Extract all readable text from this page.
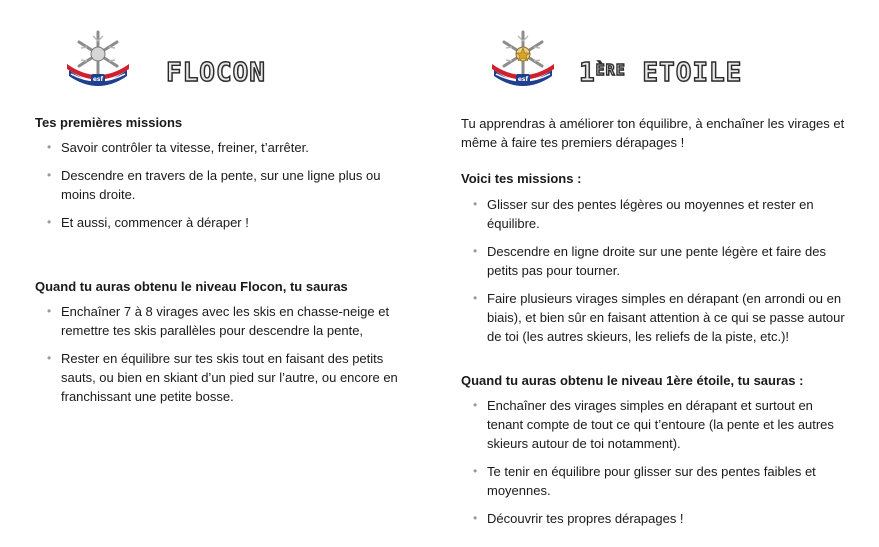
esf FLOCON

Tes premières missions

• Savoir contrôler ta vitesse, freiner, t’arrêter.
• Descendre en travers de la pente, sur une ligne plus ou moins droite.
• Et aussi, commencer à déraper !

Quand tu auras obtenu le niveau Flocon, tu sauras

• Enchaîner 7 à 8 virages avec les skis en chasse-neige et remettre tes skis parallèles pour descendre la pente,
• Rester en équilibre sur tes skis tout en faisant des petits sauts, ou bien en skiant d’un pied sur l’autre, ou encore en franchissant une petite bosse.
esf 1ÈRE ETOILE

Tu apprendras à améliorer ton équilibre, à enchaîner les virages et même à faire tes premiers dérapages !

Voici tes missions :

• Glisser sur des pentes légères ou moyennes et rester en équilibre.
• Descendre en ligne droite sur une pente légère et faire des petits pas pour tourner.
• Faire plusieurs virages simples en dérapant (en arrondi ou en biais), et bien sûr en faisant attention à ce qui se passe autour de toi (les autres skieurs, les reliefs de la piste, etc.)!

Quand tu auras obtenu le niveau 1ère étoile, tu sauras :

• Enchaîner des virages simples en dérapant et surtout en tenant compte de tout ce qui t’entoure (la pente et les autres skieurs autour de toi notamment).
• Te tenir en équilibre pour glisser sur des pentes faibles et moyennes.
• Découvrir tes propres dérapages !
